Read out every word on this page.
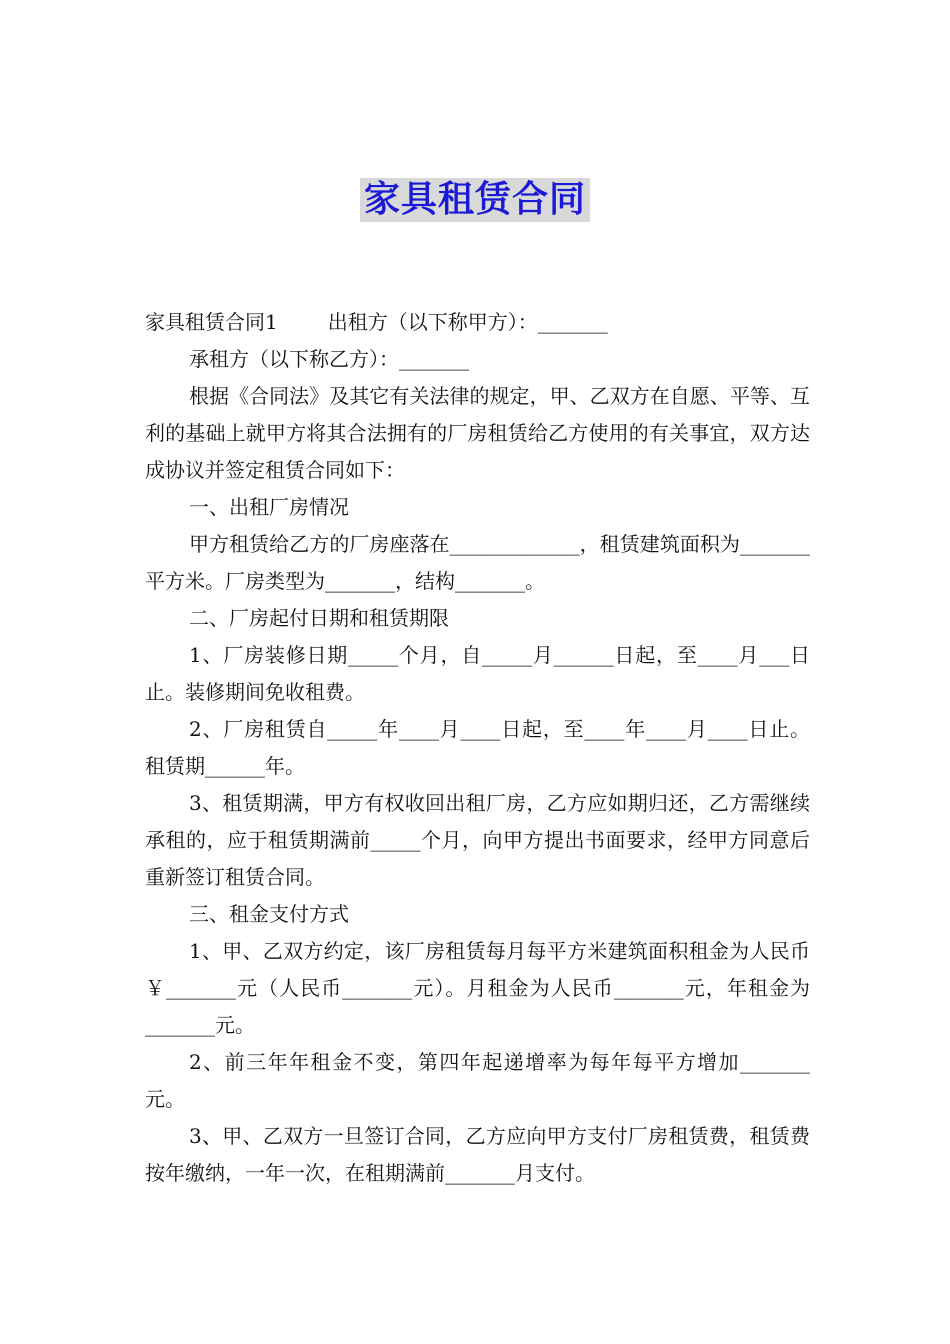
家具租赁合同

家具租赁合同1	出租方（以下称甲方）：_______

承租方（以下称乙方）：_______

根据《合同法》及其它有关法律的规定，甲、乙双方在自愿、平等、互利的基础上就甲方将其合法拥有的厂房租赁给乙方使用的有关事宜，双方达成协议并签定租赁合同如下：

一、出租厂房情况

甲方租赁给乙方的厂房座落在_____________，租赁建筑面积为_______平方米。厂房类型为_______，结构_______。

二、厂房起付日期和租赁期限

1、厂房装修日期_____个月，自_____月______日起，至____月___日止。装修期间免收租费。

2、厂房租赁自_____年____月____日起，至____年____月____日止。租赁期______年。

3、租赁期满，甲方有权收回出租厂房，乙方应如期归还，乙方需继续承租的，应于租赁期满前_____个月，向甲方提出书面要求，经甲方同意后重新签订租赁合同。

三、租金支付方式

1、甲、乙双方约定，该厂房租赁每月每平方米建筑面积租金为人民币￥_______元（人民币_______元）。月租金为人民币_______元，年租金为_______元。

2、前三年年租金不变，第四年起递增率为每年每平方增加_______元。

3、甲、乙双方一旦签订合同，乙方应向甲方支付厂房租赁费，租赁费按年缴纳，一年一次，在租期满前_______月支付。
